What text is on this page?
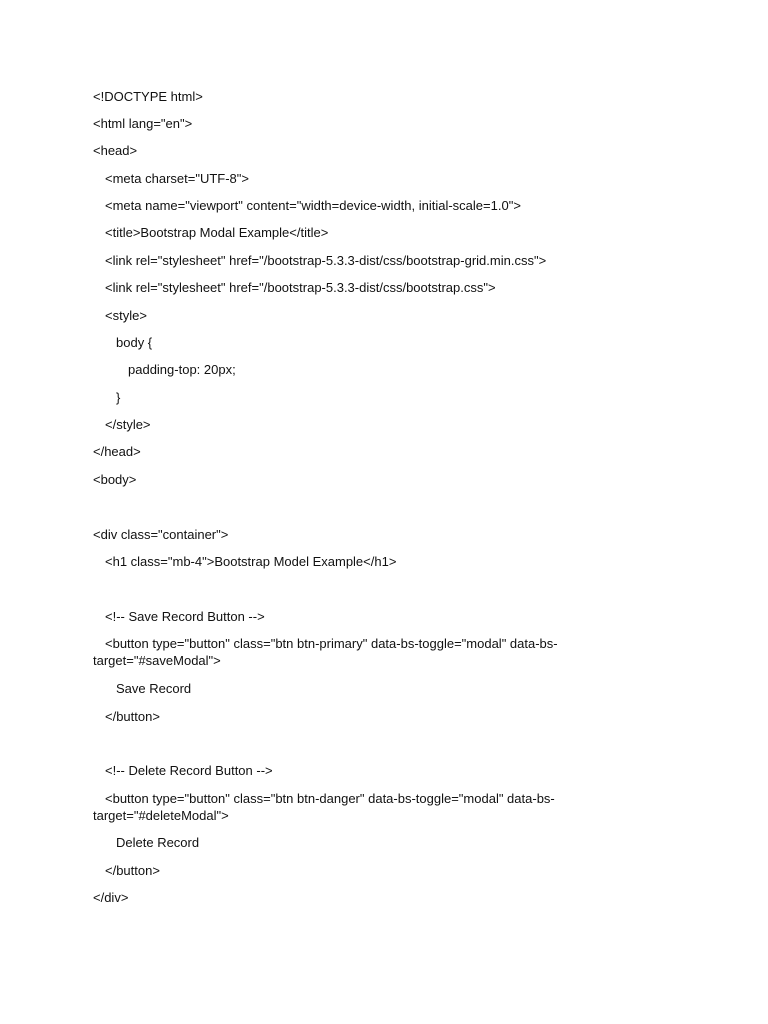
<!DOCTYPE html>
<html lang="en">
<head>
<meta charset="UTF-8">
<meta name="viewport" content="width=device-width, initial-scale=1.0">
<title>Bootstrap Modal Example</title>
<link rel="stylesheet" href="/bootstrap-5.3.3-dist/css/bootstrap-grid.min.css">
<link rel="stylesheet" href="/bootstrap-5.3.3-dist/css/bootstrap.css">
<style>
body {
padding-top: 20px;
}
</style>
</head>
<body>
<div class="container">
<h1 class="mb-4">Bootstrap Model Example</h1>
<!-- Save Record Button -->
<button type="button" class="btn btn-primary" data-bs-toggle="modal" data-bs-target="#saveModal">
Save Record
</button>
<!-- Delete Record Button -->
<button type="button" class="btn btn-danger" data-bs-toggle="modal" data-bs-target="#deleteModal">
Delete Record
</button>
</div>
